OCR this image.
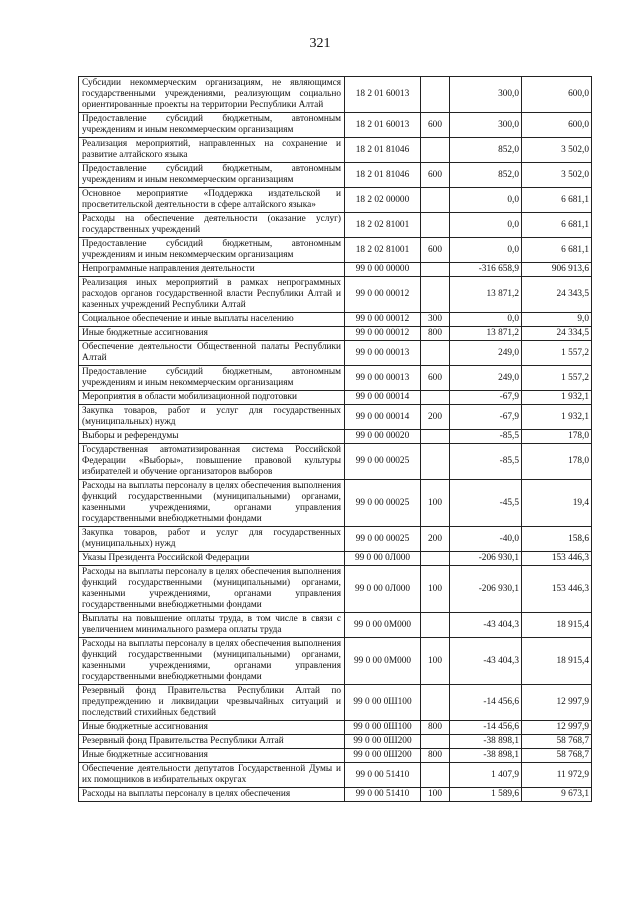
321
Субсидии некоммерческим организациям, не являющимся государственными учреждениями, реализующим социально ориентированные проекты на территории Республики Алтай	18 2 01 60013		300,0	600,0
Предоставление субсидий бюджетным, автономным учреждениям и иным некоммерческим организациям	18 2 01 60013	600	300,0	600,0
Реализация мероприятий, направленных на сохранение и развитие алтайского языка	18 2 01 81046		852,0	3 502,0
Предоставление субсидий бюджетным, автономным учреждениям и иным некоммерческим организациям	18 2 01 81046	600	852,0	3 502,0
Основное мероприятие «Поддержка издательской и просветительской деятельности в сфере алтайского языка»	18 2 02 00000		0,0	6 681,1
Расходы на обеспечение деятельности (оказание услуг) государственных учреждений	18 2 02 81001		0,0	6 681,1
Предоставление субсидий бюджетным, автономным учреждениям и иным некоммерческим организациям	18 2 02 81001	600	0,0	6 681,1
Непрограммные направления деятельности	99 0 00 00000		-316 658,9	906 913,6
Реализация иных мероприятий в рамках непрограммных расходов органов государственной власти Республики Алтай и казенных учреждений Республики Алтай	99 0 00 00012		13 871,2	24 343,5
Социальное обеспечение и иные выплаты населению	99 0 00 00012	300	0,0	9,0
Иные бюджетные ассигнования	99 0 00 00012	800	13 871,2	24 334,5
Обеспечение деятельности Общественной палаты Республики Алтай	99 0 00 00013		249,0	1 557,2
Предоставление субсидий бюджетным, автономным учреждениям и иным некоммерческим организациям	99 0 00 00013	600	249,0	1 557,2
Мероприятия в области мобилизационной подготовки	99 0 00 00014		-67,9	1 932,1
Закупка товаров, работ и услуг для государственных (муниципальных) нужд	99 0 00 00014	200	-67,9	1 932,1
Выборы и референдумы	99 0 00 00020		-85,5	178,0
Государственная автоматизированная система Российской Федерации «Выборы», повышение правовой культуры избирателей и обучение организаторов выборов	99 0 00 00025		-85,5	178,0
Расходы на выплаты персоналу в целях обеспечения выполнения функций государственными (муниципальными) органами, казенными учреждениями, органами управления государственными внебюджетными фондами	99 0 00 00025	100	-45,5	19,4
Закупка товаров, работ и услуг для государственных (муниципальных) нужд	99 0 00 00025	200	-40,0	158,6
Указы Президента Российской Федерации	99 0 00 0Л000		-206 930,1	153 446,3
Расходы на выплаты персоналу в целях обеспечения выполнения функций государственными (муниципальными) органами, казенными учреждениями, органами управления государственными внебюджетными фондами	99 0 00 0Л000	100	-206 930,1	153 446,3
Выплаты на повышение оплаты труда, в том числе в связи с увеличением минимального размера оплаты труда	99 0 00 0М000		-43 404,3	18 915,4
Расходы на выплаты персоналу в целях обеспечения выполнения функций государственными (муниципальными) органами, казенными учреждениями, органами управления государственными внебюджетными фондами	99 0 00 0М000	100	-43 404,3	18 915,4
Резервный фонд Правительства Республики Алтай по предупреждению и ликвидации чрезвычайных ситуаций и последствий стихийных бедствий	99 0 00 0Ш100		-14 456,6	12 997,9
Иные бюджетные ассигнования	99 0 00 0Ш100	800	-14 456,6	12 997,9
Резервный фонд Правительства Республики Алтай	99 0 00 0Ш200		-38 898,1	58 768,7
Иные бюджетные ассигнования	99 0 00 0Ш200	800	-38 898,1	58 768,7
Обеспечение деятельности депутатов Государственной Думы и их помощников в избирательных округах	99 0 00 51410		1 407,9	11 972,9
Расходы на выплаты персоналу в целях обеспечения	99 0 00 51410	100	1 589,6	9 673,1
